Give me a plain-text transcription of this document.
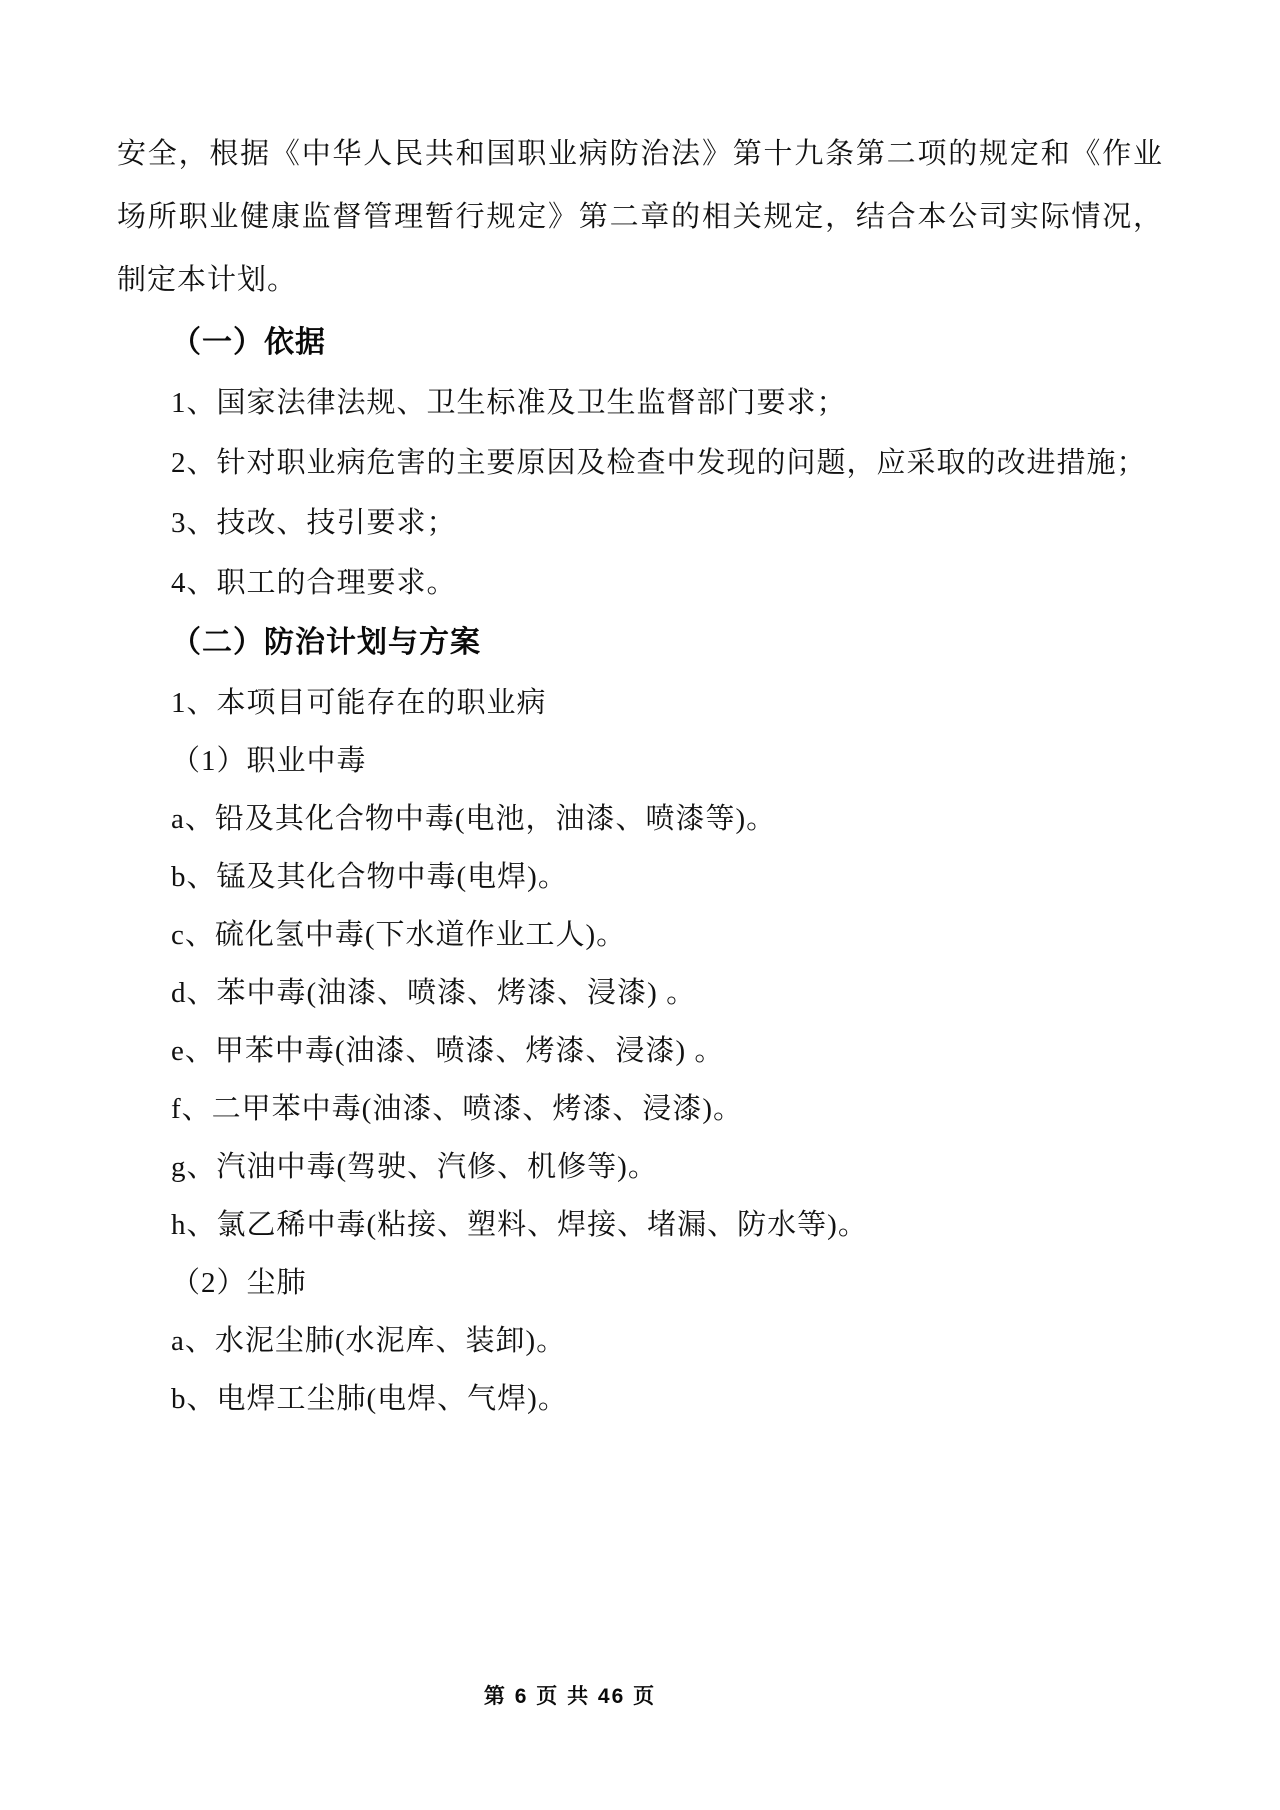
安全，根据《中华人民共和国职业病防治法》第十九条第二项的规定和《作业

场所职业健康监督管理暂行规定》第二章的相关规定，结合本公司实际情况，

制定本计划。

（一）依据

1、国家法律法规、卫生标准及卫生监督部门要求；

2、针对职业病危害的主要原因及检查中发现的问题，应采取的改进措施；

3、技改、技引要求；

4、职工的合理要求。

（二）防治计划与方案

1、本项目可能存在的职业病

（1）职业中毒

a、铅及其化合物中毒(电池，油漆、喷漆等)。

b、锰及其化合物中毒(电焊)。

c、硫化氢中毒(下水道作业工人)。

d、苯中毒(油漆、喷漆、烤漆、浸漆) 。

e、甲苯中毒(油漆、喷漆、烤漆、浸漆) 。

f、二甲苯中毒(油漆、喷漆、烤漆、浸漆)。

g、汽油中毒(驾驶、汽修、机修等)。

h、氯乙稀中毒(粘接、塑料、焊接、堵漏、防水等)。

（2）尘肺

a、水泥尘肺(水泥库、装卸)。

b、电焊工尘肺(电焊、气焊)。

第 6 页 共 46 页
